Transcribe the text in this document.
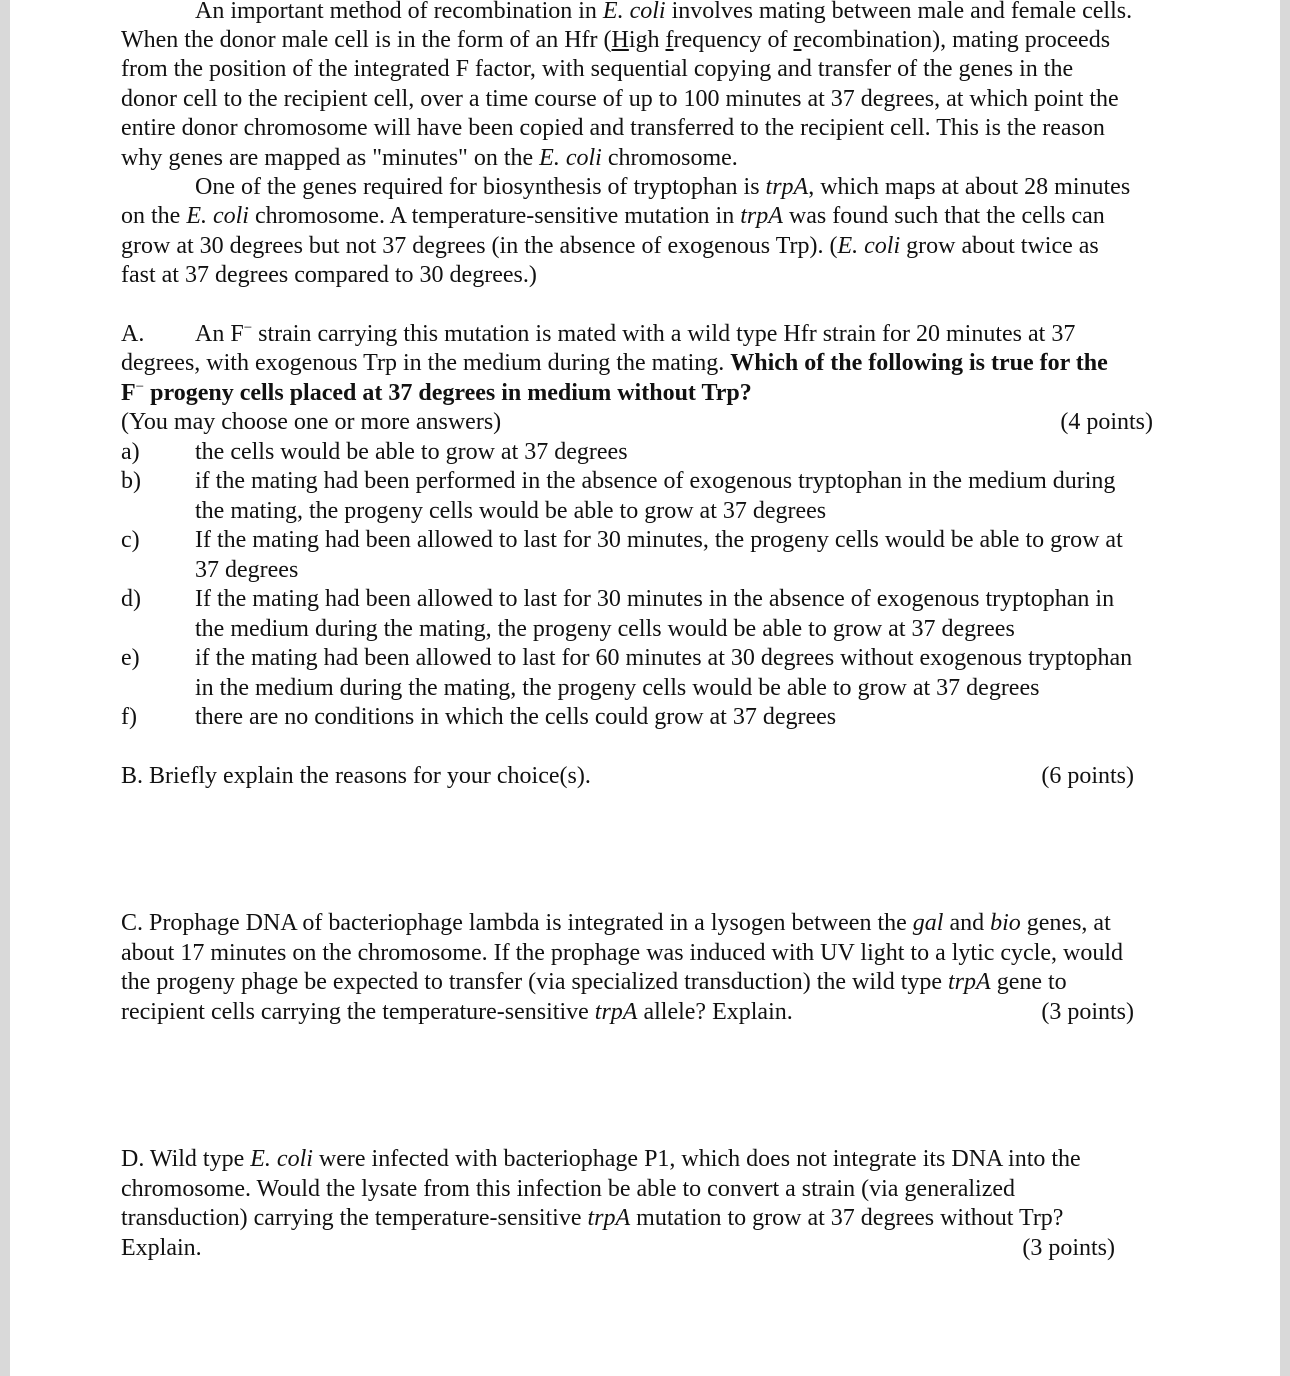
An important method of recombination in E. coli involves mating between male and female cells.
When the donor male cell is in the form of an Hfr (High frequency of recombination), mating proceeds
from the position of the integrated F factor, with sequential copying and transfer of the genes in the
donor cell to the recipient cell, over a time course of up to 100 minutes at 37 degrees, at which point the
entire donor chromosome will have been copied and transferred to the recipient cell. This is the reason
why genes are mapped as "minutes" on the E. coli chromosome.
One of the genes required for biosynthesis of tryptophan is trpA, which maps at about 28 minutes
on the E. coli chromosome. A temperature-sensitive mutation in trpA was found such that the cells can
grow at 30 degrees but not 37 degrees (in the absence of exogenous Trp). (E. coli grow about twice as
fast at 37 degrees compared to 30 degrees.)
A. An F− strain carrying this mutation is mated with a wild type Hfr strain for 20 minutes at 37
degrees, with exogenous Trp in the medium during the mating. Which of the following is true for the
F− progeny cells placed at 37 degrees in medium without Trp?
(You may choose one or more answers)	(4 points)
a) the cells would be able to grow at 37 degrees
b) if the mating had been performed in the absence of exogenous tryptophan in the medium during
the mating, the progeny cells would be able to grow at 37 degrees
c) If the mating had been allowed to last for 30 minutes, the progeny cells would be able to grow at
37 degrees
d) If the mating had been allowed to last for 30 minutes in the absence of exogenous tryptophan in
the medium during the mating, the progeny cells would be able to grow at 37 degrees
e) if the mating had been allowed to last for 60 minutes at 30 degrees without exogenous tryptophan
in the medium during the mating, the progeny cells would be able to grow at 37 degrees
f) there are no conditions in which the cells could grow at 37 degrees
B. Briefly explain the reasons for your choice(s).	(6 points)
C. Prophage DNA of bacteriophage lambda is integrated in a lysogen between the gal and bio genes, at
about 17 minutes on the chromosome. If the prophage was induced with UV light to a lytic cycle, would
the progeny phage be expected to transfer (via specialized transduction) the wild type trpA gene to
recipient cells carrying the temperature-sensitive trpA allele? Explain.	(3 points)
D. Wild type E. coli were infected with bacteriophage P1, which does not integrate its DNA into the
chromosome. Would the lysate from this infection be able to convert a strain (via generalized
transduction) carrying the temperature-sensitive trpA mutation to grow at 37 degrees without Trp?
Explain.	(3 points)
